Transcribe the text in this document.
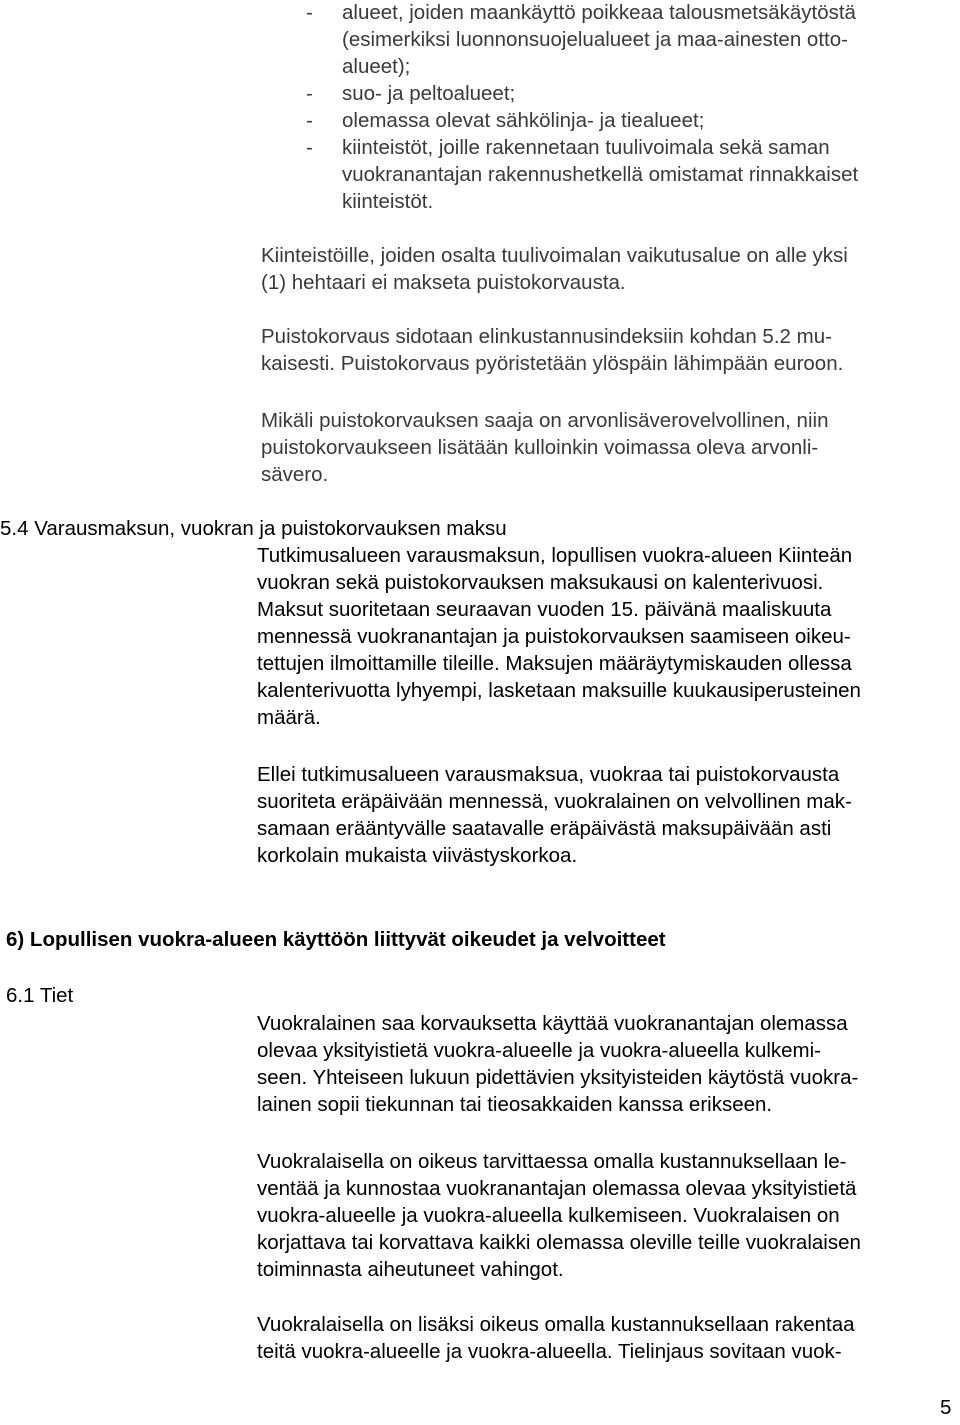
- alueet, joiden maankäyttö poikkeaa talousmetsäkäytöstä
(esimerkiksi luonnonsuojelualueet ja maa-ainesten otto-
alueet);
- suo- ja peltoalueet;
- olemassa olevat sähkölinja- ja tiealueet;
- kiinteistöt, joille rakennetaan tuulivoimala sekä saman
vuokranantajan rakennushetkellä omistamat rinnakkaiset
kiinteistöt.
Kiinteistöille, joiden osalta tuulivoimalan vaikutusalue on alle yksi
(1) hehtaari ei makseta puistokorvausta.
Puistokorvaus sidotaan elinkustannusindeksiin kohdan 5.2 mu-
kaisesti. Puistokorvaus pyöristetään ylöspäin lähimpään euroon.
Mikäli puistokorvauksen saaja on arvonlisäverovelvollinen, niin
puistokorvaukseen lisätään kulloinkin voimassa oleva arvonli-
sävero.
5.4 Varausmaksun, vuokran ja puistokorvauksen maksu
Tutkimusalueen varausmaksun, lopullisen vuokra-alueen Kiinteän
vuokran sekä puistokorvauksen maksukausi on kalenterivuosi.
Maksut suoritetaan seuraavan vuoden 15. päivänä maaliskuuta
mennessä vuokranantajan ja puistokorvauksen saamiseen oikeu-
tettujen ilmoittamille tileille. Maksujen määräytymiskauden ollessa
kalenterivuotta lyhyempi, lasketaan maksuille kuukausiperusteinen
määrä.
Ellei tutkimusalueen varausmaksua, vuokraa tai puistokorvausta
suoriteta eräpäivään mennessä, vuokralainen on velvollinen mak-
samaan erääntyvälle saatavalle eräpäivästä maksupäivään asti
korkolain mukaista viivästyskorkoa.
6) Lopullisen vuokra-alueen käyttöön liittyvät oikeudet ja velvoitteet
6.1 Tiet
Vuokralainen saa korvauksetta käyttää vuokranantajan olemassa
olevaa yksityistietä vuokra-alueelle ja vuokra-alueella kulkemi-
seen. Yhteiseen lukuun pidettävien yksityisteiden käytöstä vuokra-
lainen sopii tiekunnan tai tieosakkaiden kanssa erikseen.
Vuokralaisella on oikeus tarvittaessa omalla kustannuksellaan le-
ventää ja kunnostaa vuokranantajan olemassa olevaa yksityistietä
vuokra-alueelle ja vuokra-alueella kulkemiseen. Vuokralaisen on
korjattava tai korvattava kaikki olemassa oleville teille vuokralaisen
toiminnasta aiheutuneet vahingot.
Vuokralaisella on lisäksi oikeus omalla kustannuksellaan rakentaa
teitä vuokra-alueelle ja vuokra-alueella. Tielinjaus sovitaan vuok-
5
